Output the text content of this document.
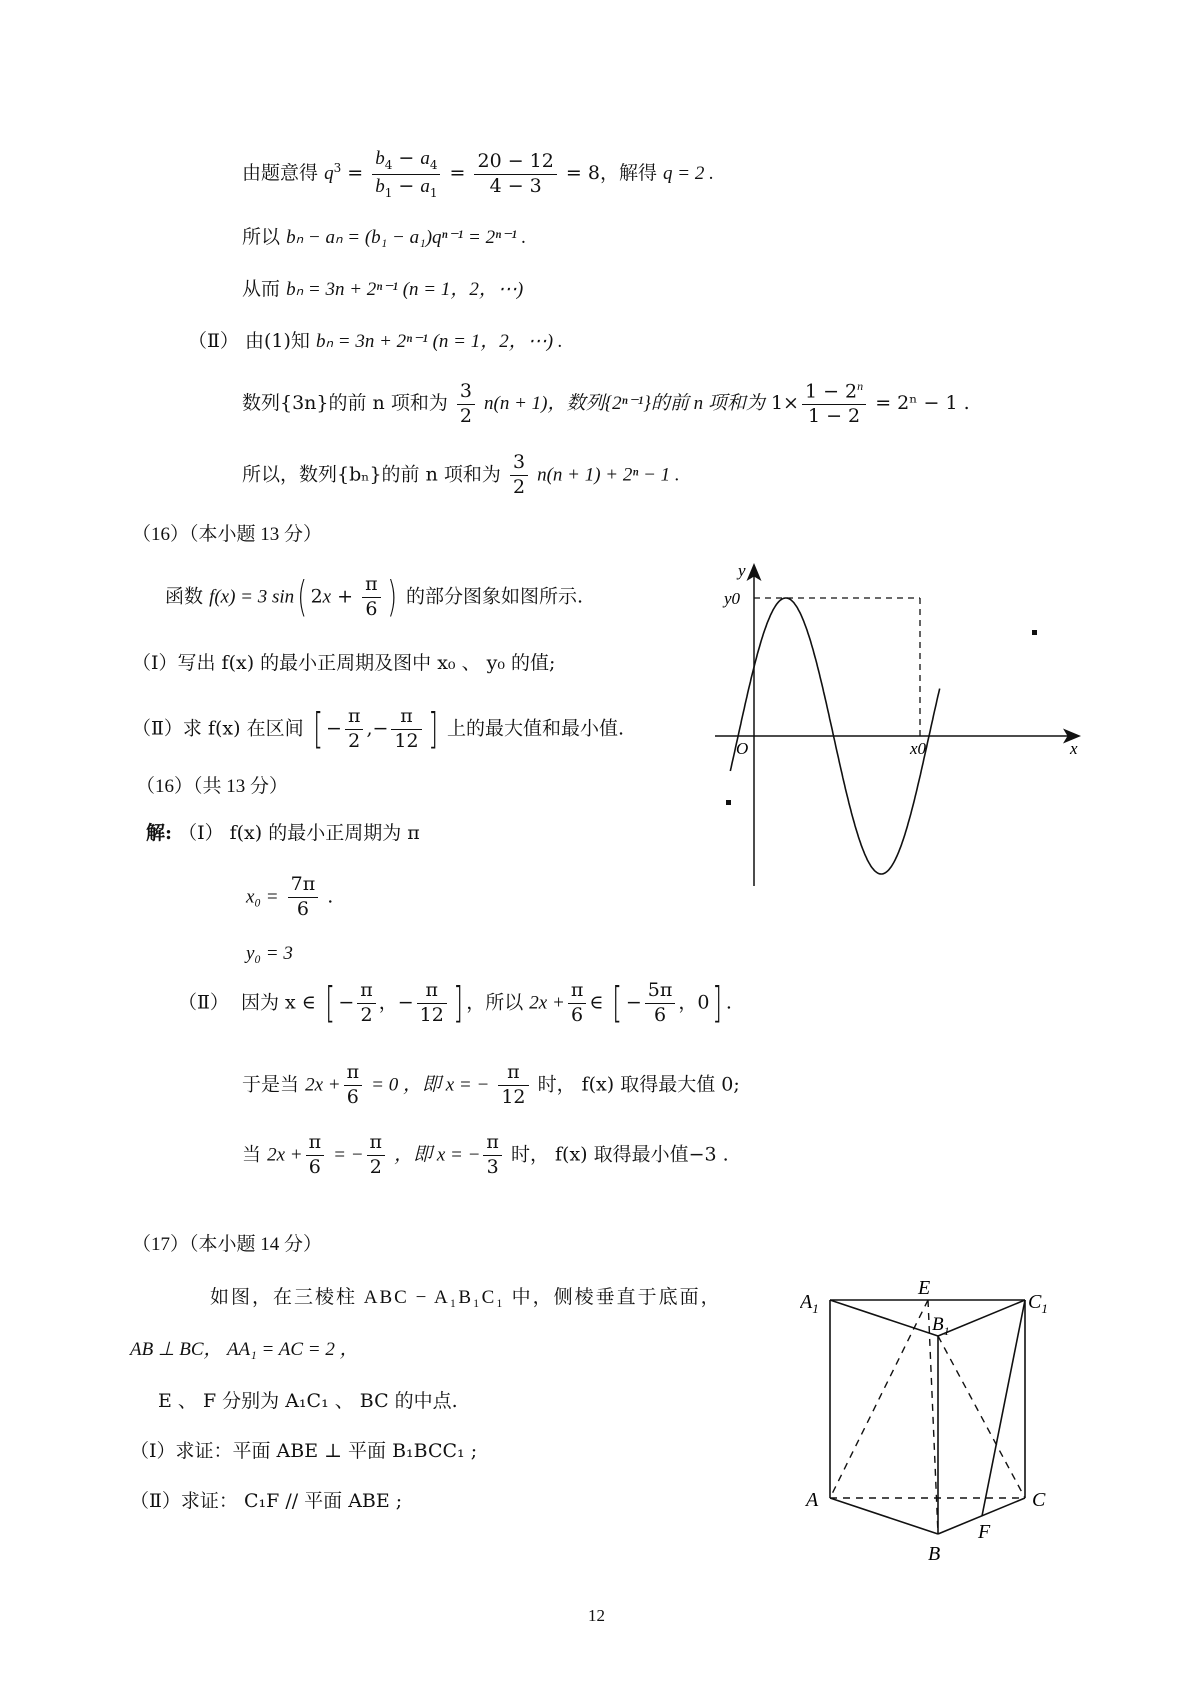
由题意得 $q^3 = \frac{b_4 - a_4}{b_1 - a_1} = \frac{20 - 12}{4 - 3} = 8$，解得 q = 2 .
所以 bₙ − aₙ = (b₁ − a₁)qⁿ⁻¹ = 2ⁿ⁻¹ .
从而 bₙ = 3n + 2ⁿ⁻¹ (n = 1，2，⋯)
（Ⅱ） 由(1)知 bₙ = 3n + 2ⁿ⁻¹ (n = 1，2，⋯) .
数列{3n}的前 n 项和为 $\frac{3}{2} n(n + 1)$，数列{2ⁿ⁻¹}的前 n 项和为 $1\times \frac{1 - 2^n}{1 - 2} = 2^n - 1$ .
所以，数列{bₙ}的前 n 项和为 $\frac{3}{2} n(n + 1) + 2^n - 1$ .
（16）（本小题 13 分）
函数 f(x) = 3 sin( $2x + \frac{\pi}{6}$ ) 的部分图象如图所示.
（Ⅰ）写出 f(x) 的最小正周期及图中 x₀ 、 y₀ 的值;
（Ⅱ）求 f(x) 在区间 [ − $\frac{\pi}{2}$ ,− $\frac{\pi}{12}$ ] 上的最大值和最小值.
（16）（共 13 分）
解: （Ⅰ） f(x) 的最小正周期为 π
$x_0 = \frac{7\pi}{6}$ .
y₀ = 3
（Ⅱ） 因为 x ∈ [ − $\frac{\pi}{2}$ ，− $\frac{\pi}{12}$ ] ，所以 $2x + \frac{\pi}{6}$ ∈ [ − $\frac{5\pi}{6}$ ，0] .
于是当 $2x + \frac{\pi}{6} = 0$ ，即 x = − $\frac{\pi}{12}$ 时， f(x) 取得最大值 0;
当 $2x + \frac{\pi}{6}$ = − $\frac{\pi}{2}$ ，即 x = − $\frac{\pi}{3}$ 时， f(x) 取得最小值−3 .
y
y0
O	x0	x
（17）（本小题 14 分）
如图，在三棱柱 ABC − A₁B₁C₁ 中，侧棱垂直于底面，
AB ⊥ BC， AA₁ = AC = 2 ，
E 、 F 分别为 A₁C₁ 、 BC 的中点.
（Ⅰ）求证：平面 ABE ⊥ 平面 B₁BCC₁ ;
（Ⅱ）求证： C₁F // 平面 ABE ;
$A_1$
E
$C_1$
$B_1$
A	C
B
F
12
